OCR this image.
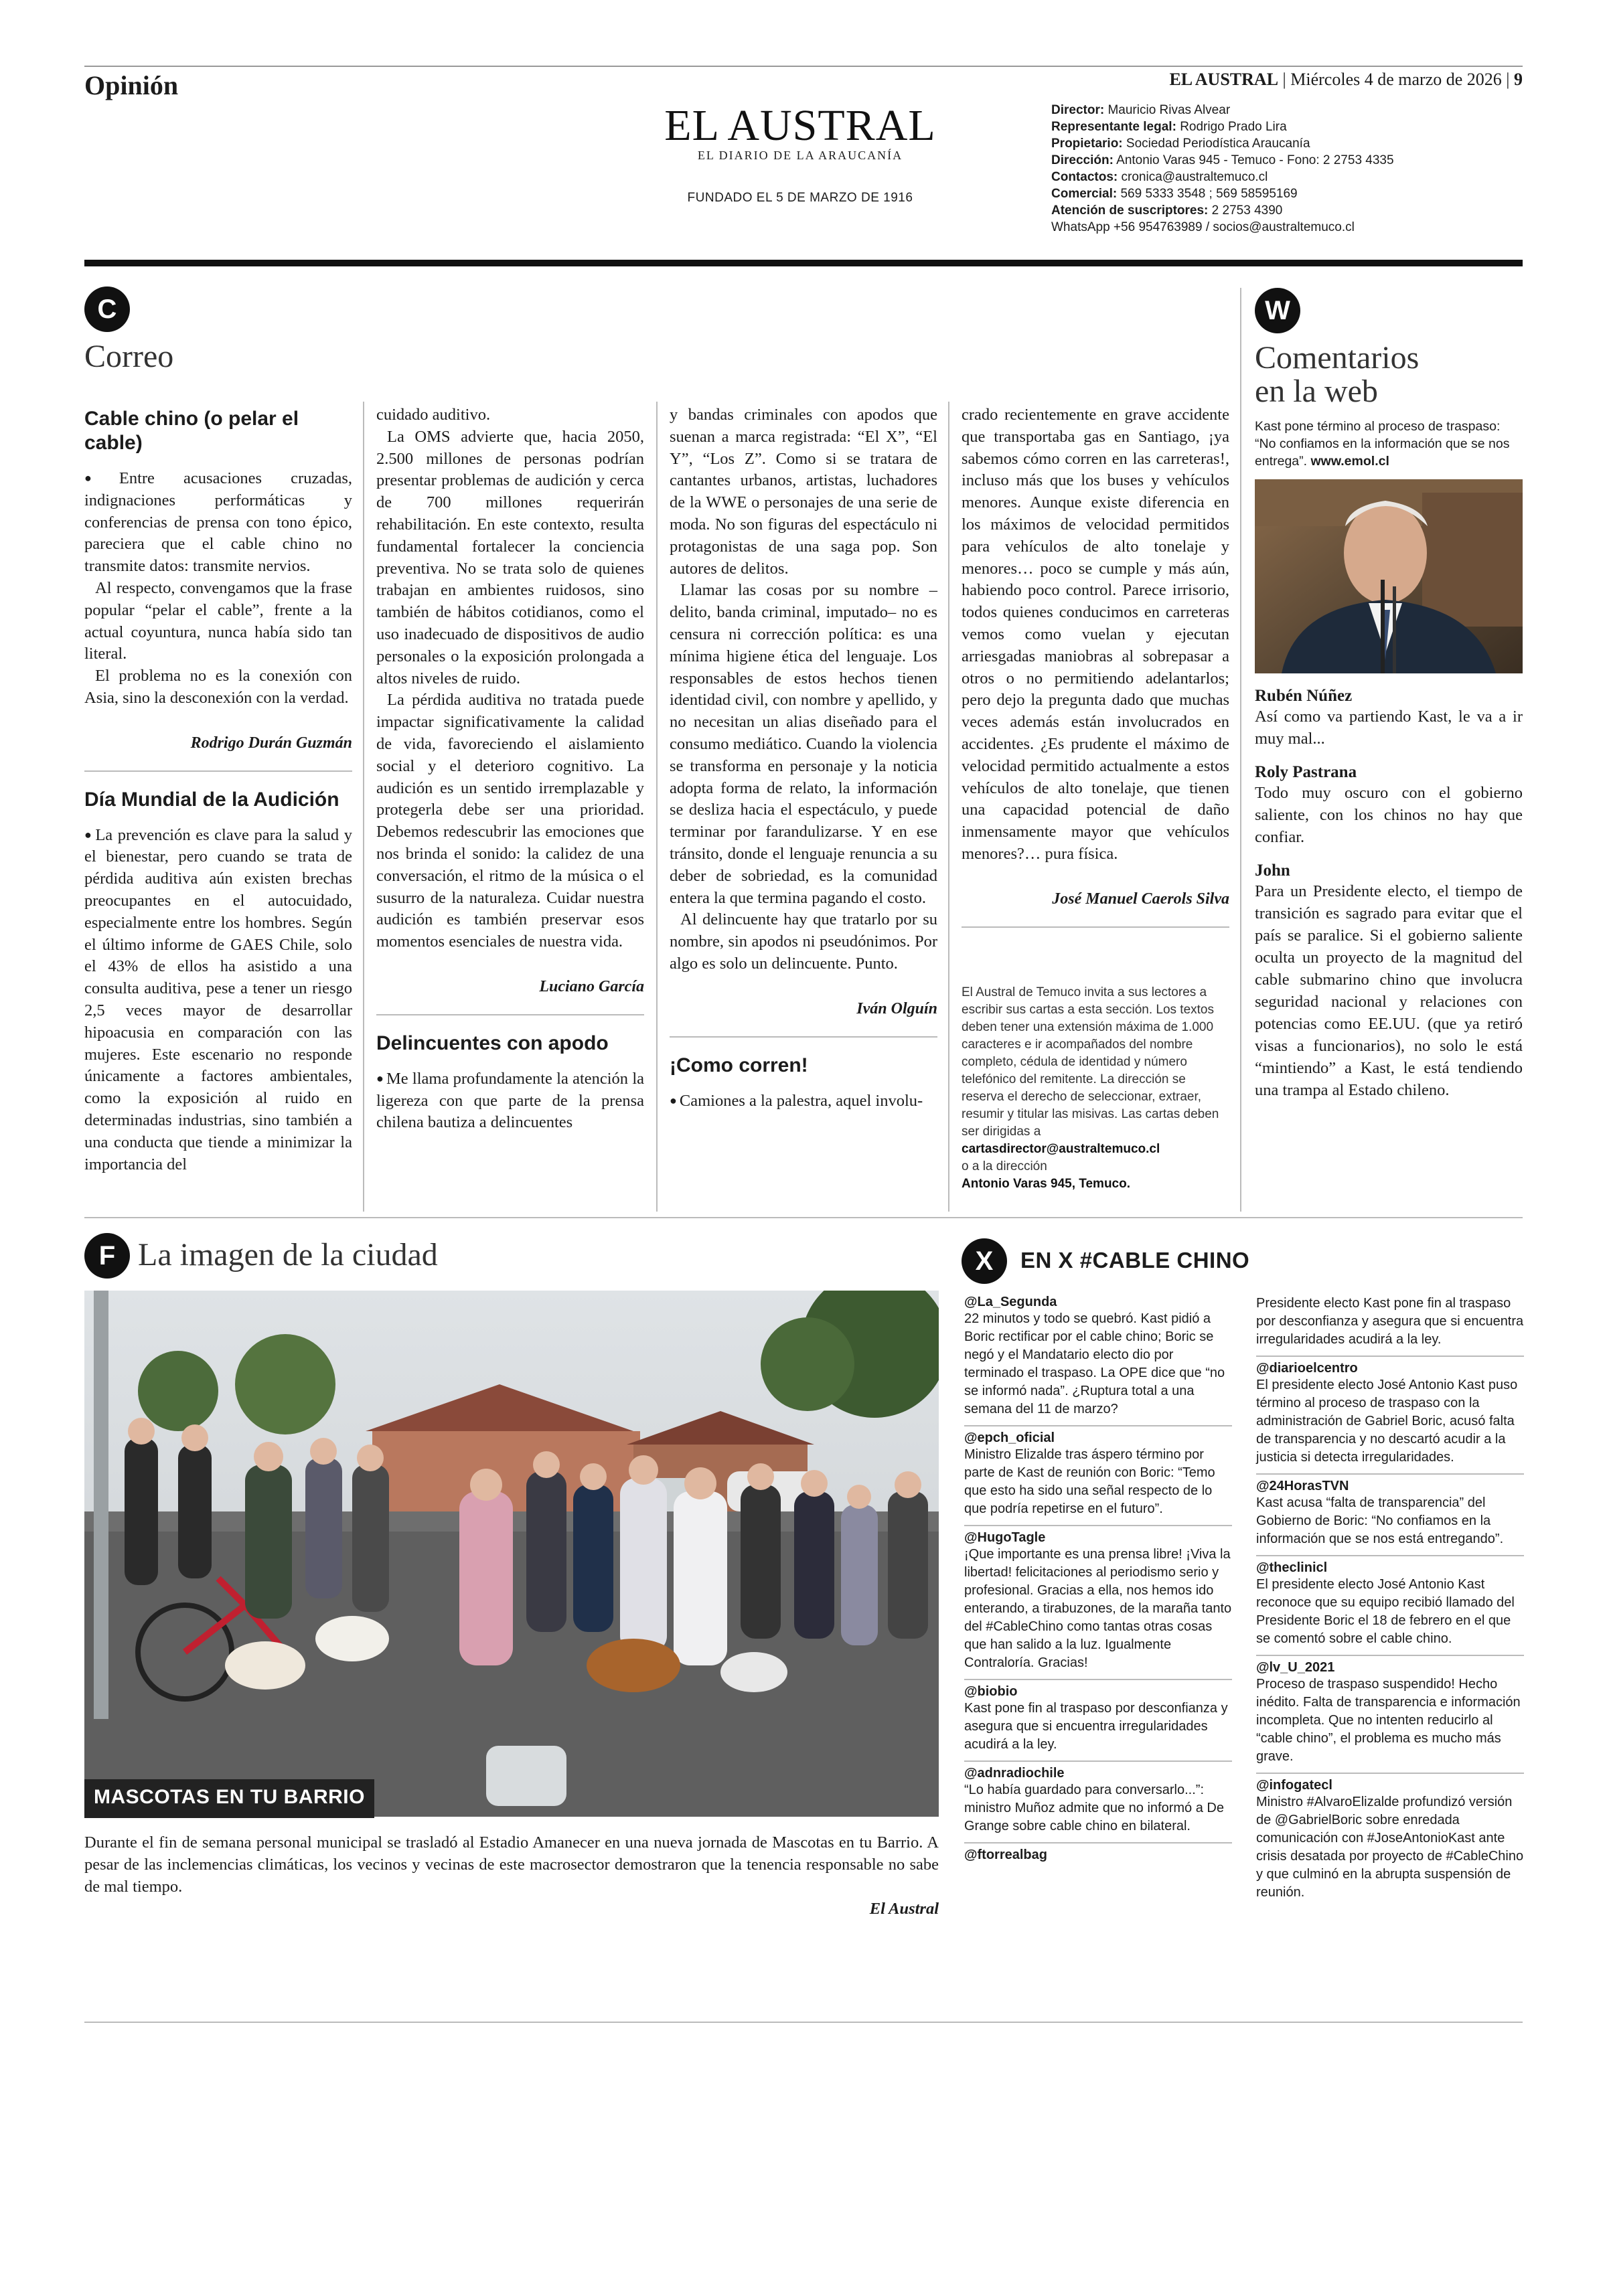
Opinión
EL AUSTRAL
EL DIARIO DE LA ARAUCANÍA
FUNDADO EL 5 DE MARZO DE 1916
EL AUSTRAL | Miércoles 4 de marzo de 2026 | 9
Director: Mauricio Rivas Alvear
Representante legal: Rodrigo Prado Lira
Propietario: Sociedad Periodística Araucanía
Dirección: Antonio Varas 945 - Temuco - Fono: 2 2753 4335
Contactos: cronica@australtemuco.cl
Comercial: 569 5333 3548 ; 569 58595169
Atención de suscriptores: 2 2753 4390
WhatsApp +56 954763989 / socios@australtemuco.cl
C
Correo
Cable chino (o pelar el cable)

● Entre acusaciones cruzadas, indignaciones performáticas y conferencias de prensa con tono épico, pareciera que el cable chino no transmite datos: transmite nervios.

Al respecto, convengamos que la frase popular “pelar el cable”, frente a la actual coyuntura, nunca había sido tan literal.

El problema no es la conexión con Asia, sino la desconexión con la verdad.

Rodrigo Durán Guzmán
Día Mundial de la Audición

● La prevención es clave para la salud y el bienestar, pero cuando se trata de pérdida auditiva aún existen brechas preocupantes en el autocuidado, especialmente entre los hombres. Según el último informe de GAES Chile, solo el 43% de ellos ha asistido a una consulta auditiva, pese a tener un riesgo 2,5 veces mayor de desarrollar hipoacusia en comparación con las mujeres. Este escenario no responde únicamente a factores ambientales, como la exposición al ruido en determinadas industrias, sino también a una conducta que tiende a minimizar la importancia del

cuidado auditivo.

La OMS advierte que, hacia 2050, 2.500 millones de personas podrían presentar problemas de audición y cerca de 700 millones requerirán rehabilitación. En este contexto, resulta fundamental fortalecer la conciencia preventiva. No se trata solo de quienes trabajan en ambientes ruidosos, sino también de hábitos cotidianos, como el uso inadecuado de dispositivos de audio personales o la exposición prolongada a altos niveles de ruido.

La pérdida auditiva no tratada puede impactar significativamente la calidad de vida, favoreciendo el aislamiento social y el deterioro cognitivo. La audición es un sentido irremplazable y protegerla debe ser una prioridad. Debemos redescubrir las emociones que nos brinda el sonido: la calidez de una conversación, el ritmo de la música o el susurro de la naturaleza. Cuidar nuestra audición es también preservar esos momentos esenciales de nuestra vida.

Luciano García
Delincuentes con apodo

● Me llama profundamente la atención la ligereza con que parte de la prensa chilena bautiza a delincuentes

y bandas criminales con apodos que suenan a marca registrada: “El X”, “El Y”, “Los Z”. Como si se tratara de cantantes urbanos, artistas, luchadores de la WWE o personajes de una serie de moda. No son figuras del espectáculo ni protagonistas de una saga pop. Son autores de delitos.

Llamar las cosas por su nombre –delito, banda criminal, imputado– no es censura ni corrección política: es una mínima higiene ética del lenguaje. Los responsables de estos hechos tienen identidad civil, con nombre y apellido, y no necesitan un alias diseñado para el consumo mediático. Cuando la violencia se transforma en personaje y la noticia adopta forma de relato, la información se desliza hacia el espectáculo, y puede terminar por farandulizarse. Y en ese tránsito, donde el lenguaje renuncia a su deber de sobriedad, es la comunidad entera la que termina pagando el costo.

Al delincuente hay que tratarlo por su nombre, sin apodos ni pseudónimos. Por algo es solo un delincuente. Punto.

Iván Olguín
¡Como corren!

● Camiones a la palestra, aquel involu-

crado recientemente en grave accidente que transportaba gas en Santiago, ¡ya sabemos cómo corren en las carreteras!, incluso más que los buses y vehículos menores. Aunque existe diferencia en los máximos de velocidad permitidos para vehículos de alto tonelaje y menores… poco se cumple y más aún, habiendo poco control. Parece irrisorio, todos quienes conducimos en carreteras vemos como vuelan y ejecutan arriesgadas maniobras al sobrepasar a otros o no permitiendo adelantarlos; pero dejo la pregunta dado que muchas veces además están involucrados en accidentes. ¿Es prudente el máximo de velocidad permitido actualmente a estos vehículos de alto tonelaje, que tienen una capacidad potencial de daño inmensamente mayor que vehículos menores?… pura física.

José Manuel Caerols Silva
El Austral de Temuco invita a sus lectores a escribir sus cartas a esta sección. Los textos deben tener una extensión máxima de 1.000 caracteres e ir acompañados del nombre completo, cédula de identidad y número telefónico del remitente. La dirección se reserva el derecho de seleccionar, extraer, resumir y titular las misivas. Las cartas deben ser dirigidas a
cartasdirector@australtemuco.cl
o a la dirección
Antonio Varas 945, Temuco.
W
Comentarios
en la web
Kast pone término al proceso de traspaso: “No confiamos en la información que se nos entrega”. www.emol.cl
Rubén Núñez
Así como va partiendo Kast, le va a ir muy mal...
Roly Pastrana
Todo muy oscuro con el gobierno saliente, con los chinos no hay que confiar.
John
Para un Presidente electo, el tiempo de transición es sagrado para evitar que el país se paralice. Si el gobierno saliente oculta un proyecto de la magnitud del cable submarino chino que involucra seguridad nacional y relaciones con potencias como EE.UU. (que ya retiró visas a funcionarios), no solo le está “mintiendo” a Kast, le está tendiendo una trampa al Estado chileno.
F La imagen de la ciudad
MASCOTAS EN TU BARRIO
Durante el fin de semana personal municipal se trasladó al Estadio Amanecer en una nueva jornada de Mascotas en tu Barrio. A pesar de las inclemencias climáticas, los vecinos y vecinas de este macrosector demostraron que la tenencia responsable no sabe de mal tiempo.
El Austral
X	EN X #CABLE CHINO
@La_Segunda
22 minutos y todo se quebró. Kast pidió a Boric rectificar por el cable chino; Boric se negó y el Mandatario electo dio por terminado el traspaso. La OPE dice que “no se informó nada”. ¿Ruptura total a una semana del 11 de marzo?
@epch_oficial
Ministro Elizalde tras áspero término por parte de Kast de reunión con Boric: “Temo que esto ha sido una señal respecto de lo que podría repetirse en el futuro”.
@HugoTagle
¡Que importante es una prensa libre! ¡Viva la libertad! felicitaciones al periodismo serio y profesional. Gracias a ella, nos hemos ido enterando, a tirabuzones, de la maraña tanto del #CableChino como tantas otras cosas que han salido a la luz. Igualmente Contraloría. Gracias!
@biobio
Kast pone fin al traspaso por desconfianza y asegura que si encuentra irregularidades acudirá a la ley.
@adnradiochile
“Lo había guardado para conversarlo...”: ministro Muñoz admite que no informó a De Grange sobre cable chino en bilateral.
@ftorrealbag
Presidente electo Kast pone fin al traspaso por desconfianza y asegura que si encuentra irregularidades acudirá a la ley.
@diarioelcentro
El presidente electo José Antonio Kast puso término al proceso de traspaso con la administración de Gabriel Boric, acusó falta de transparencia y no descartó acudir a la justicia si detecta irregularidades.
@24HorasTVN
Kast acusa “falta de transparencia” del Gobierno de Boric: “No confiamos en la información que se nos está entregando”.
@theclinicl
El presidente electo José Antonio Kast reconoce que su equipo recibió llamado del Presidente Boric el 18 de febrero en el que se comentó sobre el cable chino.
@lv_U_2021
Proceso de traspaso suspendido! Hecho inédito. Falta de transparencia e información incompleta. Que no intenten reducirlo al “cable chino”, el problema es mucho más grave.
@infogatecl
Ministro #AlvaroElizalde profundizó versión de @GabrielBoric sobre enredada comunicación con #JoseAntonioKast ante crisis desatada por proyecto de #CableChino y que culminó en la abrupta suspensión de reunión.
